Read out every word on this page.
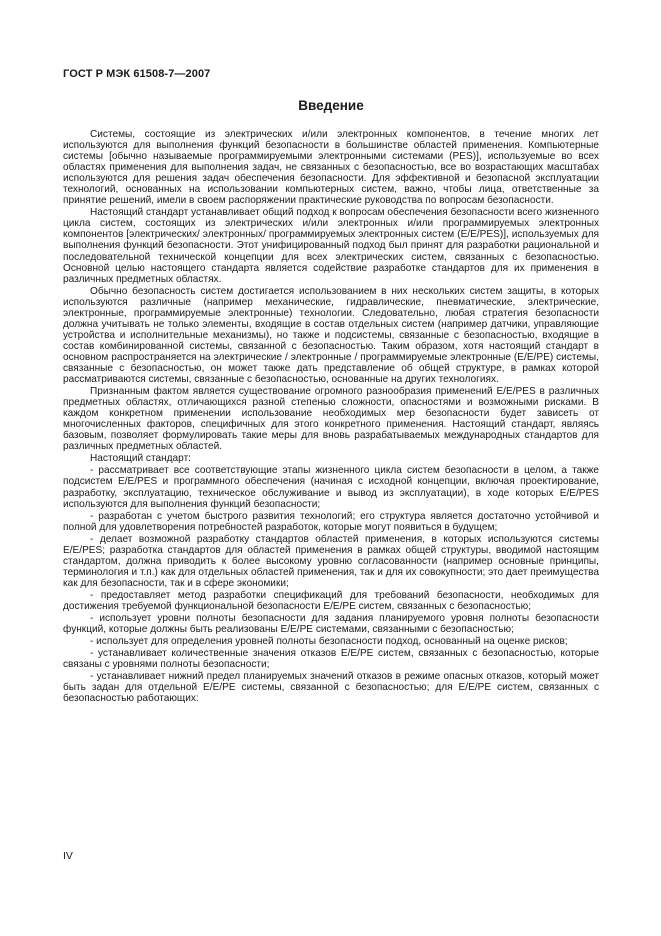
ГОСТ Р МЭК 61508-7—2007
Введение

Системы, состоящие из электрических и/или электронных компонентов, в течение многих лет используются для выполнения функций безопасности в большинстве областей применения. Компьютерные системы [обычно называемые программируемыми электронными системами (PES)], используемые во всех областях применения для выполнения задач, не связанных с безопасностью, все во возрастающих масштабах используются для решения задач обеспечения безопасности. Для эффективной и безопасной эксплуатации технологий, основанных на использовании компьютерных систем, важно, чтобы лица, ответственные за принятие решений, имели в своем распоряжении практические руководства по вопросам безопасности.

Настоящий стандарт устанавливает общий подход к вопросам обеспечения безопасности всего жизненного цикла систем, состоящих из электрических и/или электронных и/или программируемых электронных компонентов [электрических/ электронных/ программируемых электронных систем (E/E/PES)], используемых для выполнения функций безопасности. Этот унифицированный подход был принят для разработки рациональной и последовательной технической концепции для всех электрических систем, связанных с безопасностью. Основной целью настоящего стандарта является содействие разработке стандартов для их применения в различных предметных областях.

Обычно безопасность систем достигается использованием в них нескольких систем защиты, в которых используются различные (например механические, гидравлические, пневматические, электрические, электронные, программируемые электронные) технологии. Следовательно, любая стратегия безопасности должна учитывать не только элементы, входящие в состав отдельных систем (например датчики, управляющие устройства и исполнительные механизмы), но также и подсистемы, связанные с безопасностью, входящие в состав комбинированной системы, связанной с безопасностью. Таким образом, хотя настоящий стандарт в основном распространяется на электрические / электронные / программируемые электронные (E/E/PE) системы, связанные с безопасностью, он может также дать представление об общей структуре, в рамках которой рассматриваются системы, связанные с безопасностью, основанные на других технологиях.

Признанным фактом является существование огромного разнообразия применений E/E/PES в различных предметных областях, отличающихся разной степенью сложности, опасностями и возможными рисками. В каждом конкретном применении использование необходимых мер безопасности будет зависеть от многочисленных факторов, специфичных для этого конкретного применения. Настоящий стандарт, являясь базовым, позволяет формулировать такие меры для вновь разрабатываемых международных стандартов для различных предметных областей.

Настоящий стандарт:

- рассматривает все соответствующие этапы жизненного цикла систем безопасности в целом, а также подсистем E/E/PES и программного обеспечения (начиная с исходной концепции, включая проектирование, разработку, эксплуатацию, техническое обслуживание и вывод из эксплуатации), в ходе которых E/E/PES используются для выполнения функций безопасности;

- разработан с учетом быстрого развития технологий; его структура является достаточно устойчивой и полной для удовлетворения потребностей разработок, которые могут появиться в будущем;

- делает возможной разработку стандартов областей применения, в которых используются системы E/E/PES; разработка стандартов для областей применения в рамках общей структуры, вводимой настоящим стандартом, должна приводить к более высокому уровню согласованности (например основные принципы, терминология и т.п.) как для отдельных областей применения, так и для их совокупности; это дает преимущества как для безопасности, так и в сфере экономики;

- предоставляет метод разработки спецификаций для требований безопасности, необходимых для достижения требуемой функциональной безопасности E/E/PE систем, связанных с безопасностью;

- использует уровни полноты безопасности для задания планируемого уровня полноты безопасности функций, которые должны быть реализованы E/E/PE системами, связанными с безопасностью;

- использует для определения уровней полноты безопасности подход, основанный на оценке рисков;

- устанавливает количественные значения отказов E/E/PE систем, связанных с безопасностью, которые связаны с уровнями полноты безопасности;

- устанавливает нижний предел планируемых значений отказов в режиме опасных отказов, который может быть задан для отдельной E/E/PE системы, связанной с безопасностью; для E/E/PE систем, связанных с безопасностью работающих:

IV
